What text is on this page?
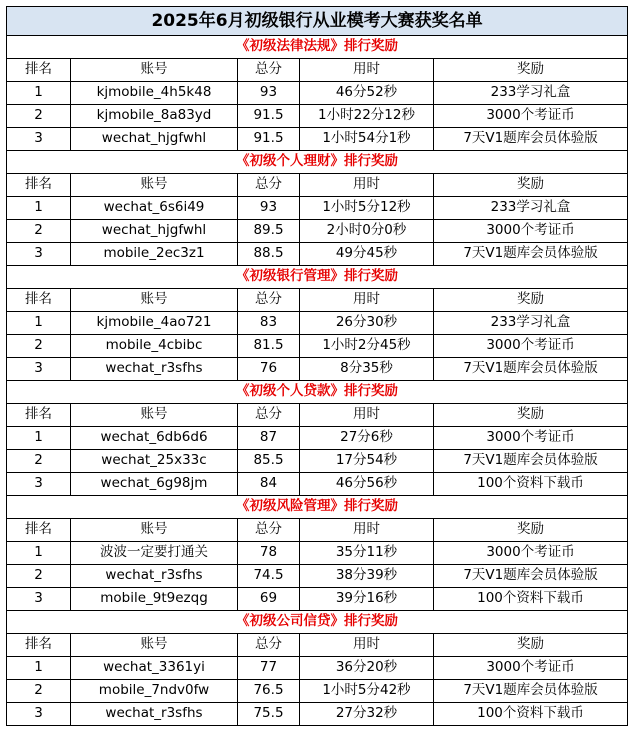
2025年6月初级银行从业模考大赛获奖名单				
《初级法律法规》排行奖励				
排名	账号	总分	用时	奖励
1	kjmobile_4h5k48	93	46分52秒	233学习礼盒
2	kjmobile_8a83yd	91.5	1小时22分12秒	3000个考证币
3	wechat_hjgfwhl	91.5	1小时54分1秒	7天V1题库会员体验版
《初级个人理财》排行奖励				
排名	账号	总分	用时	奖励
1	wechat_6s6i49	93	1小时5分12秒	233学习礼盒
2	wechat_hjgfwhl	89.5	2小时0分0秒	3000个考证币
3	mobile_2ec3z1	88.5	49分45秒	7天V1题库会员体验版
《初级银行管理》排行奖励				
排名	账号	总分	用时	奖励
1	kjmobile_4ao721	83	26分30秒	233学习礼盒
2	mobile_4cbibc	81.5	1小时2分45秒	3000个考证币
3	wechat_r3sfhs	76	8分35秒	7天V1题库会员体验版
《初级个人贷款》排行奖励				
排名	账号	总分	用时	奖励
1	wechat_6db6d6	87	27分6秒	3000个考证币
2	wechat_25x33c	85.5	17分54秒	7天V1题库会员体验版
3	wechat_6g98jm	84	46分56秒	100个资料下载币
《初级风险管理》排行奖励				
排名	账号	总分	用时	奖励
1	波波一定要打通关	78	35分11秒	3000个考证币
2	wechat_r3sfhs	74.5	38分39秒	7天V1题库会员体验版
3	mobile_9t9ezqg	69	39分16秒	100个资料下载币
《初级公司信贷》排行奖励				
排名	账号	总分	用时	奖励
1	wechat_3361yi	77	36分20秒	3000个考证币
2	mobile_7ndv0fw	76.5	1小时5分42秒	7天V1题库会员体验版
3	wechat_r3sfhs	75.5	27分32秒	100个资料下载币
